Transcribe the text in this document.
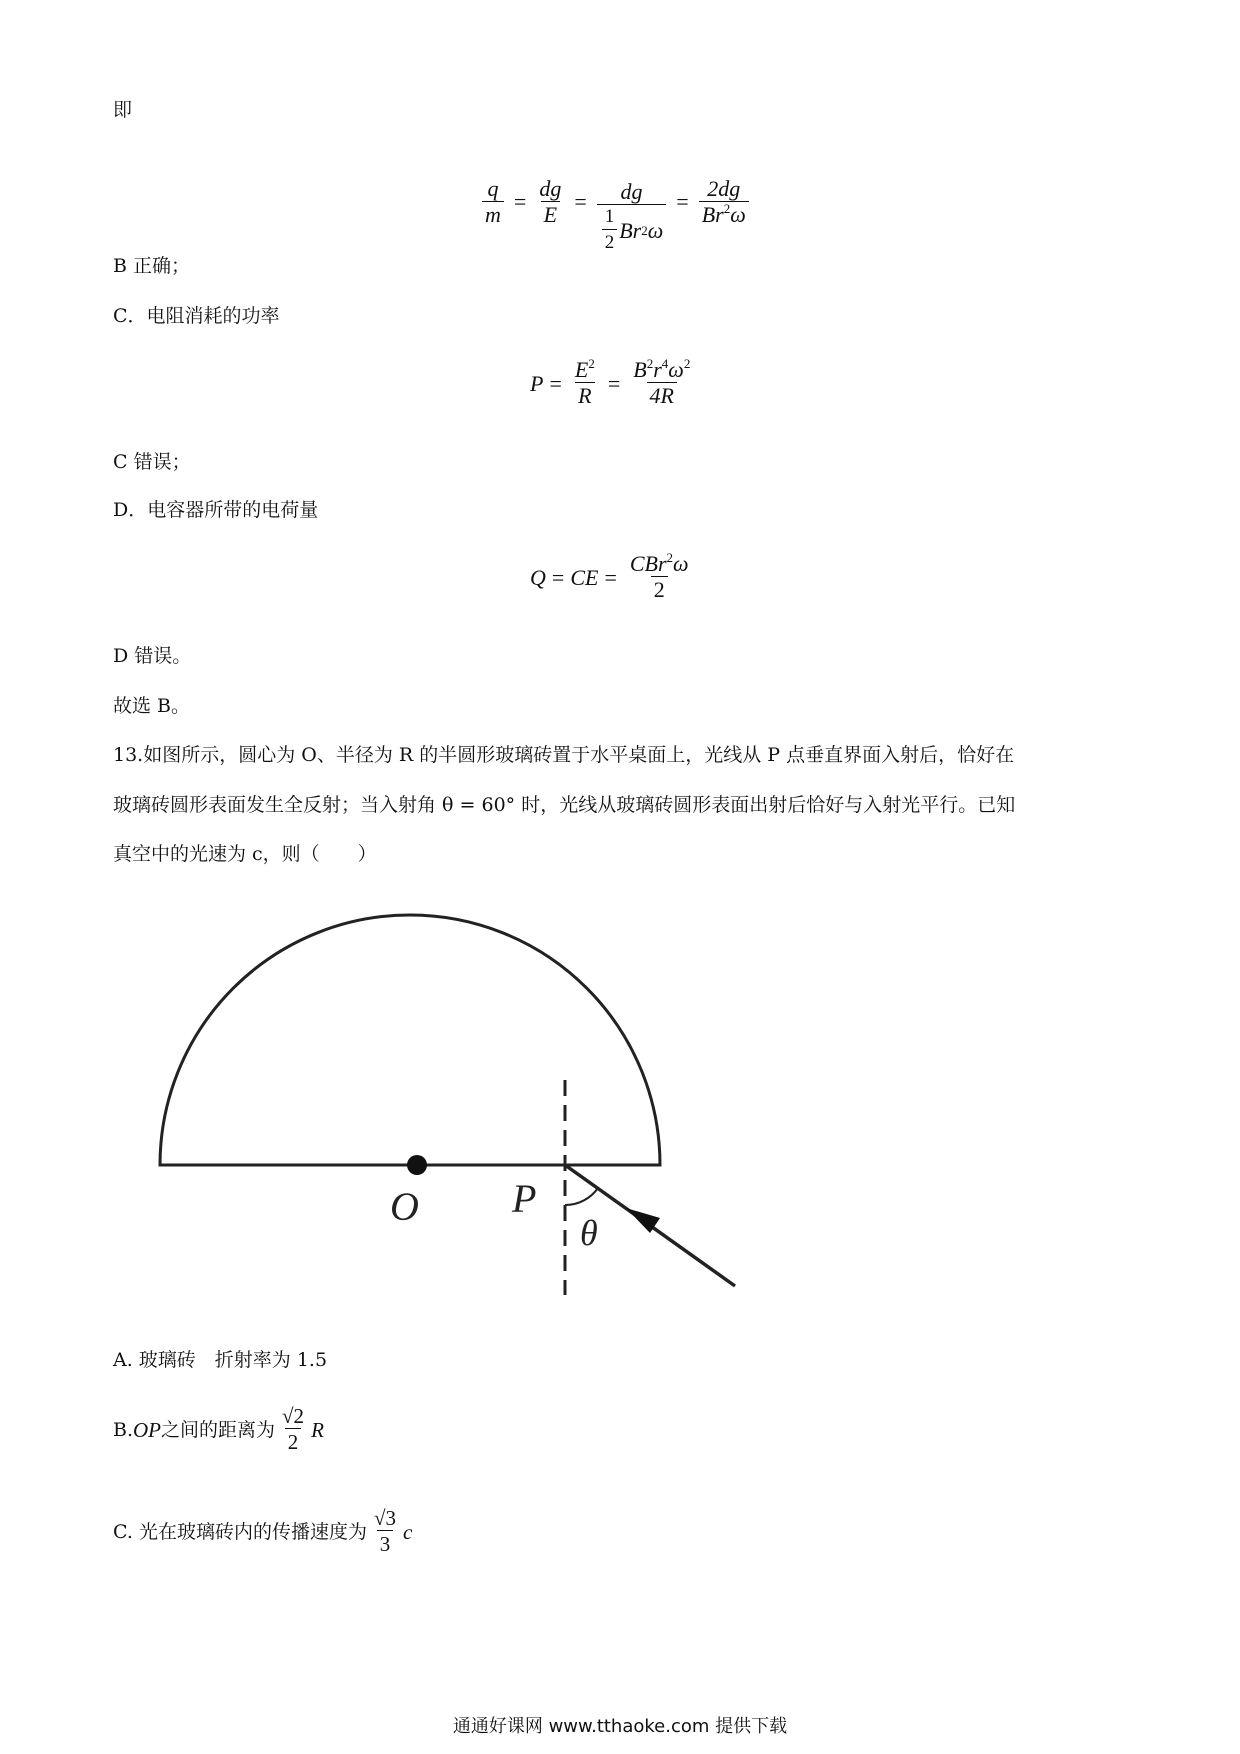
即
$\frac{q}{m} = \frac{dg}{E} = \frac{dg}{\frac{1}{2} Br 2 \omega} = \frac{2dg}{Br^2\omega}$
B 正确；
C．电阻消耗的功率
$P = \frac{E^2}{R} = \frac{B^2r^4\omega^2}{4R}$
C 错误；
D．电容器所带的电荷量
Q = CE = $\frac{CBr^2\omega}{2}$
D 错误。
故选 B。
13.如图所示，圆心为 O、半径为 R 的半圆形玻璃砖置于水平桌面上，光线从 P 点垂直界面入射后，恰好在
玻璃砖圆形表面发生全反射；当入射角 θ = 60° 时，光线从玻璃砖圆形表面出射后恰好与入射光平行。已知
真空中的光速为 c，则（　　）
O P
θ
A. 玻璃砖　折射率为 1.5
B. OP 之间的距离为 $\frac{√2}{2}$ R
C. 光在玻璃砖内的传播速度为 $\frac{√3}{3}$ c
通通好课网 www.tthaoke.com 提供下载
